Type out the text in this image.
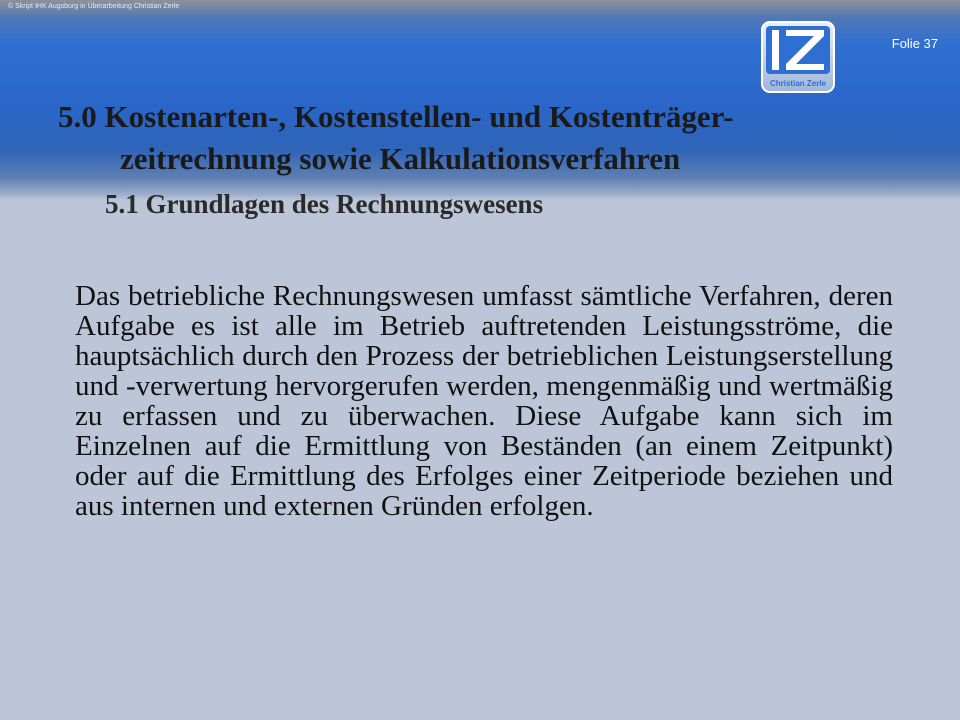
© Skript IHK Augsburg in Überarbeitung Christian Zerle
Folie 37
Christian Zerle
5.0 Kostenarten-, Kostenstellen- und Kostenträger-
zeitrechnung sowie Kalkulationsverfahren
5.1 Grundlagen des Rechnungswesens
Das betriebliche Rechnungswesen umfasst sämtliche Verfahren, deren Aufgabe es ist alle im Betrieb auftretenden Leistungsströme, die hauptsächlich durch den Prozess der betrieblichen Leistungserstellung und -verwertung hervorgerufen werden, mengenmäßig und wertmäßig zu erfassen und zu überwachen. Diese Aufgabe kann sich im Einzelnen auf die Ermittlung von Beständen (an einem Zeitpunkt) oder auf die Ermittlung des Erfolges einer Zeitperiode beziehen und aus internen und externen Gründen erfolgen.
